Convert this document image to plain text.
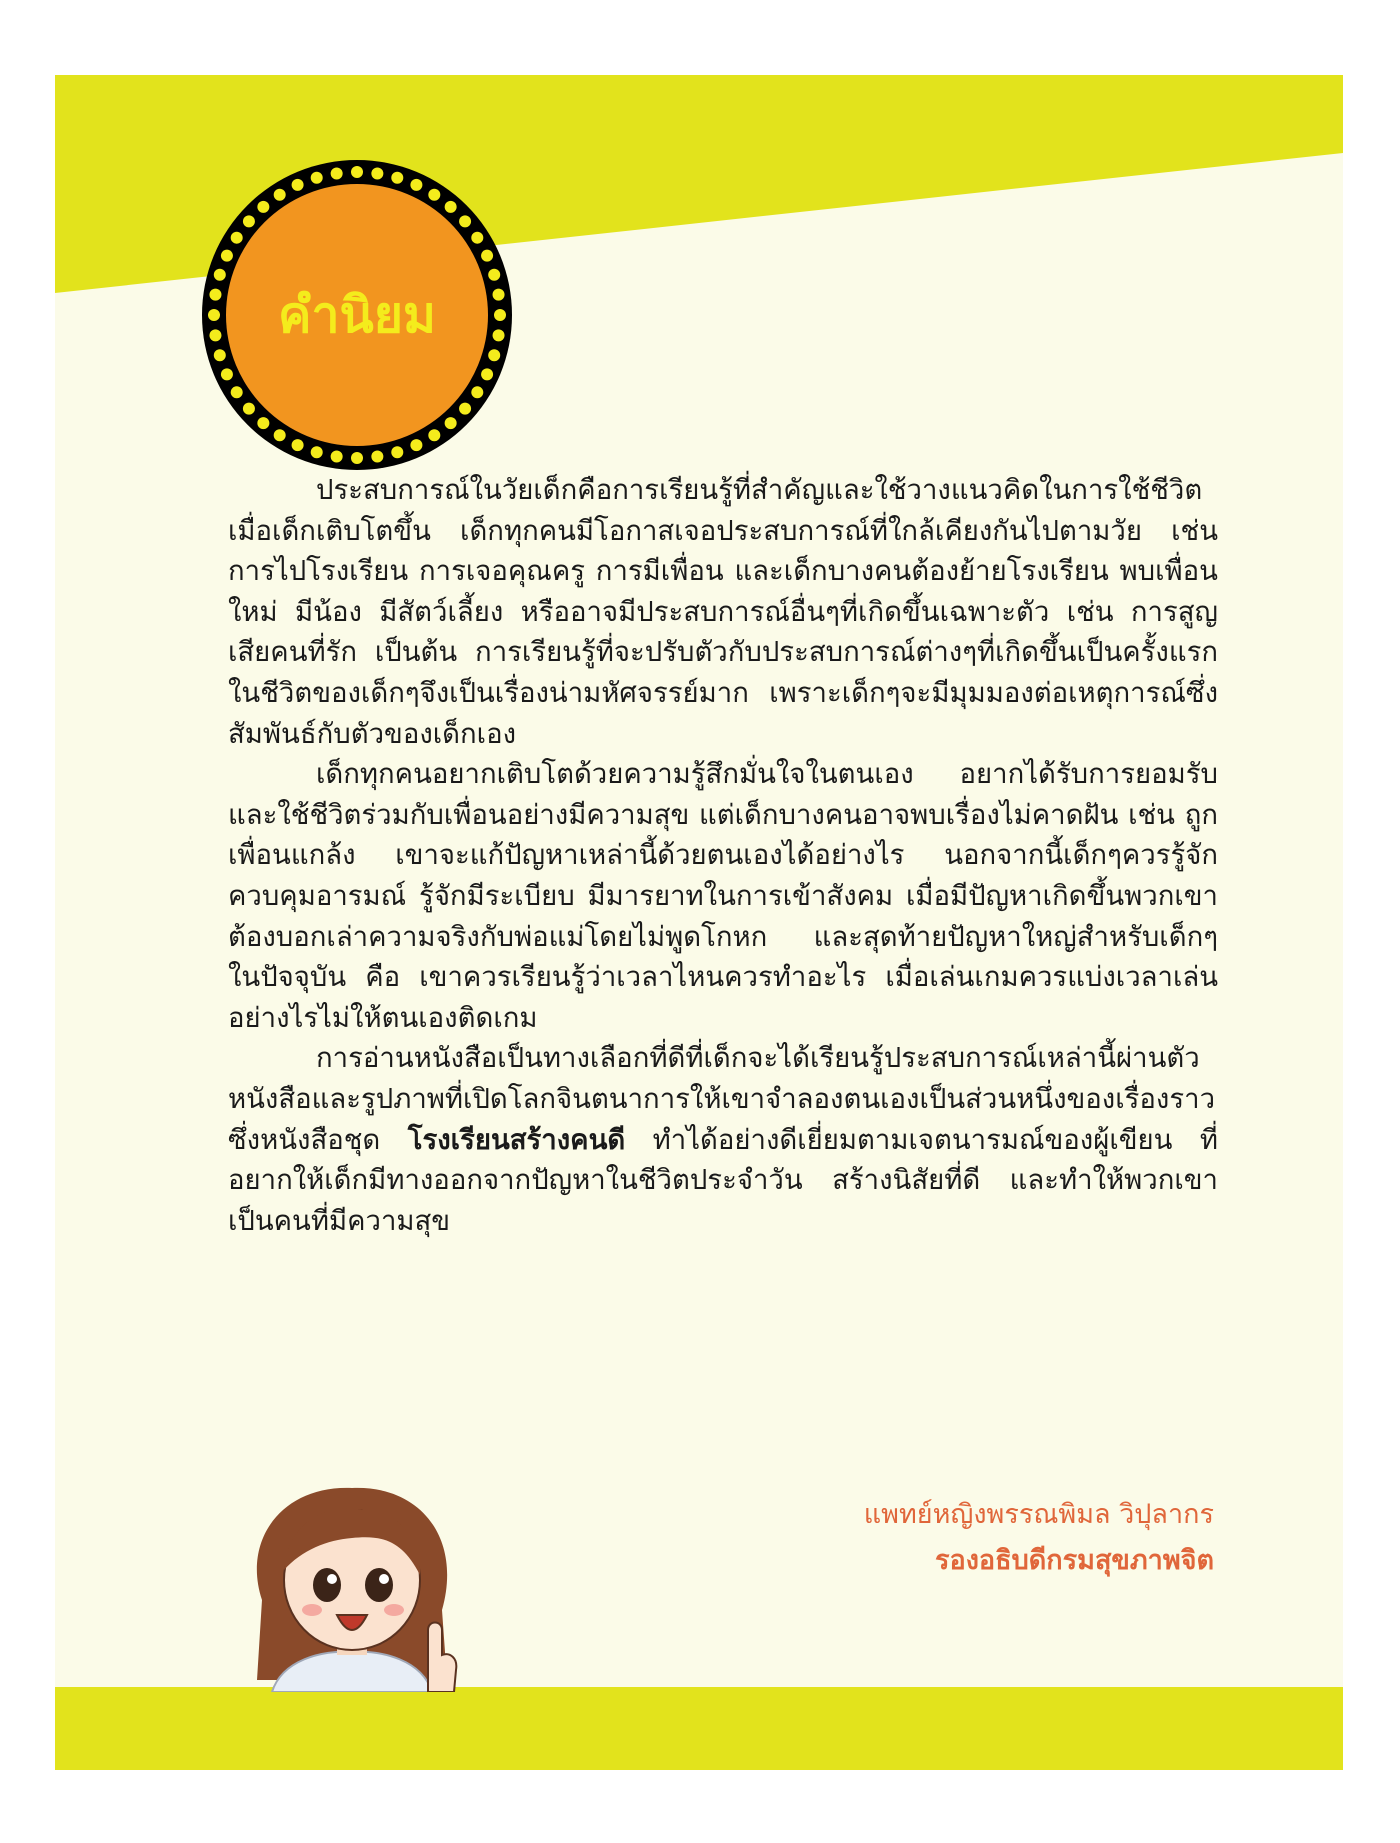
คำนิยม

ประสบการณ์ในวัยเด็กคือการเรียนรู้ที่สำคัญและใช้วางแนวคิดในการใช้ชีวิต เมื่อเด็กเติบโตขึ้น เด็กทุกคนมีโอกาสเจอประสบการณ์ที่ใกล้เคียงกันไปตามวัย เช่น การไปโรงเรียน การเจอคุณครู การมีเพื่อน และเด็กบางคนต้องย้ายโรงเรียน พบเพื่อนใหม่ มีน้อง มีสัตว์เลี้ยง หรืออาจมีประสบการณ์อื่นๆที่เกิดขึ้นเฉพาะตัว เช่น การสูญเสียคนที่รัก เป็นต้น การเรียนรู้ที่จะปรับตัวกับประสบการณ์ต่างๆที่เกิดขึ้นเป็นครั้งแรกในชีวิตของเด็กๆจึงเป็นเรื่องน่ามหัศจรรย์มาก เพราะเด็กๆจะมีมุมมองต่อเหตุการณ์ซึ่งสัมพันธ์กับตัวของเด็กเอง

เด็กทุกคนอยากเติบโตด้วยความรู้สึกมั่นใจในตนเอง อยากได้รับการยอมรับ และใช้ชีวิตร่วมกับเพื่อนอย่างมีความสุข แต่เด็กบางคนอาจพบเรื่องไม่คาดฝัน เช่น ถูกเพื่อนแกล้ง เขาจะแก้ปัญหาเหล่านี้ด้วยตนเองได้อย่างไร นอกจากนี้เด็กๆควรรู้จักควบคุมอารมณ์ รู้จักมีระเบียบ มีมารยาทในการเข้าสังคม เมื่อมีปัญหาเกิดขึ้นพวกเขาต้องบอกเล่าความจริงกับพ่อแม่โดยไม่พูดโกหก และสุดท้ายปัญหาใหญ่สำหรับเด็กๆ ในปัจจุบัน คือ เขาควรเรียนรู้ว่าเวลาไหนควรทำอะไร เมื่อเล่นเกมควรแบ่งเวลาเล่นอย่างไรไม่ให้ตนเองติดเกม

การอ่านหนังสือเป็นทางเลือกที่ดีที่เด็กจะได้เรียนรู้ประสบการณ์เหล่านี้ผ่านตัวหนังสือและรูปภาพที่เปิดโลกจินตนาการให้เขาจำลองตนเองเป็นส่วนหนึ่งของเรื่องราว ซึ่งหนังสือชุด โรงเรียนสร้างคนดี ทำได้อย่างดีเยี่ยมตามเจตนารมณ์ของผู้เขียน ที่อยากให้เด็กมีทางออกจากปัญหาในชีวิตประจำวัน สร้างนิสัยที่ดี และทำให้พวกเขาเป็นคนที่มีความสุข

แพทย์หญิงพรรณพิมล วิปุลากร
รองอธิบดีกรมสุขภาพจิต
